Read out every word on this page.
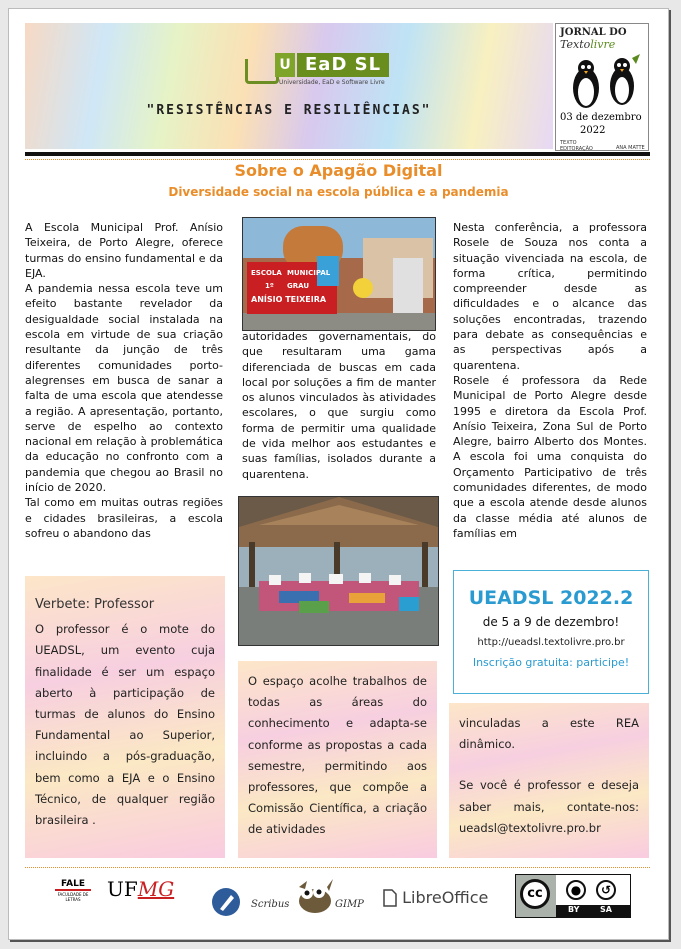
U EaD SL
Universidade, EaD e Software Livre
"RESISTÊNCIAS E RESILIÊNCIAS"
JORNAL DO
Textolivre
03 de dezembro
2022
TEXTO EDITORAÇÃO	ANA MATTE
Sobre o Apagão Digital
Diversidade social na escola pública e a pandemia

A Escola Municipal Prof. Anísio Teixeira, de Porto Alegre, oferece turmas do ensino fundamental e da EJA.

A pandemia nessa escola teve um efeito bastante revelador da desigualdade social instalada na escola em virtude de sua criação resultante da junção de três diferentes comunidades porto-alegrenses em busca de sanar a falta de uma escola que atendesse a região. A apresentação, portanto, serve de espelho ao contexto nacional em relação à problemática da educação no confronto com a pandemia que chegou ao Brasil no início de 2020.

Tal como em muitas outras regiões e cidades brasileiras, a escola sofreu o abandono das

ESCOLA MUNICIPAL
1º GRAU
ANÍSIO TEIXEIRA

autoridades governamentais, do que resultaram uma gama diferenciada de buscas em cada local por soluções a fim de manter os alunos vinculados às atividades escolares, o que surgiu como forma de permitir uma qualidade de vida melhor aos estudantes e suas famílias, isolados durante a quarentena.

Nesta conferência, a professora Rosele de Souza nos conta a situação vivenciada na escola, de forma crítica, permitindo compreender desde as dificuldades e o alcance das soluções encontradas, trazendo para debate as consequências e as perspectivas após a quarentena.

Rosele é professora da Rede Municipal de Porto Alegre desde 1995 e diretora da Escola Prof. Anísio Teixeira, Zona Sul de Porto Alegre, bairro Alberto dos Montes. A escola foi uma conquista do Orçamento Participativo de três comunidades diferentes, de modo que a escola atende desde alunos da classe média até alunos de famílias em

Verbete: Professor
O professor é o mote do UEADSL, um evento cuja finalidade é ser um espaço aberto à participação de turmas de alunos do Ensino Fundamental ao Superior, incluindo a pós-graduação, bem como a EJA e o Ensino Técnico, de qualquer região brasileira .
O espaço acolhe trabalhos de todas as áreas do conhecimento e adapta-se conforme as propostas a cada semestre, permitindo aos professores, que compõe a Comissão Científica, a criação de atividades
UEADSL 2022.2
de 5 a 9 de dezembro!
http://ueadsl.textolivre.pro.br
Inscrição gratuita: participe!
vinculadas a este REA dinâmico.
Se você é professor e deseja saber mais, contate-nos: ueadsl@textolivre.pro.br
FALE
FACULDADE DE LETRAS	UFMG
Scribus	GIMP	LibreOffice	cc	●	↺
BY	SA
